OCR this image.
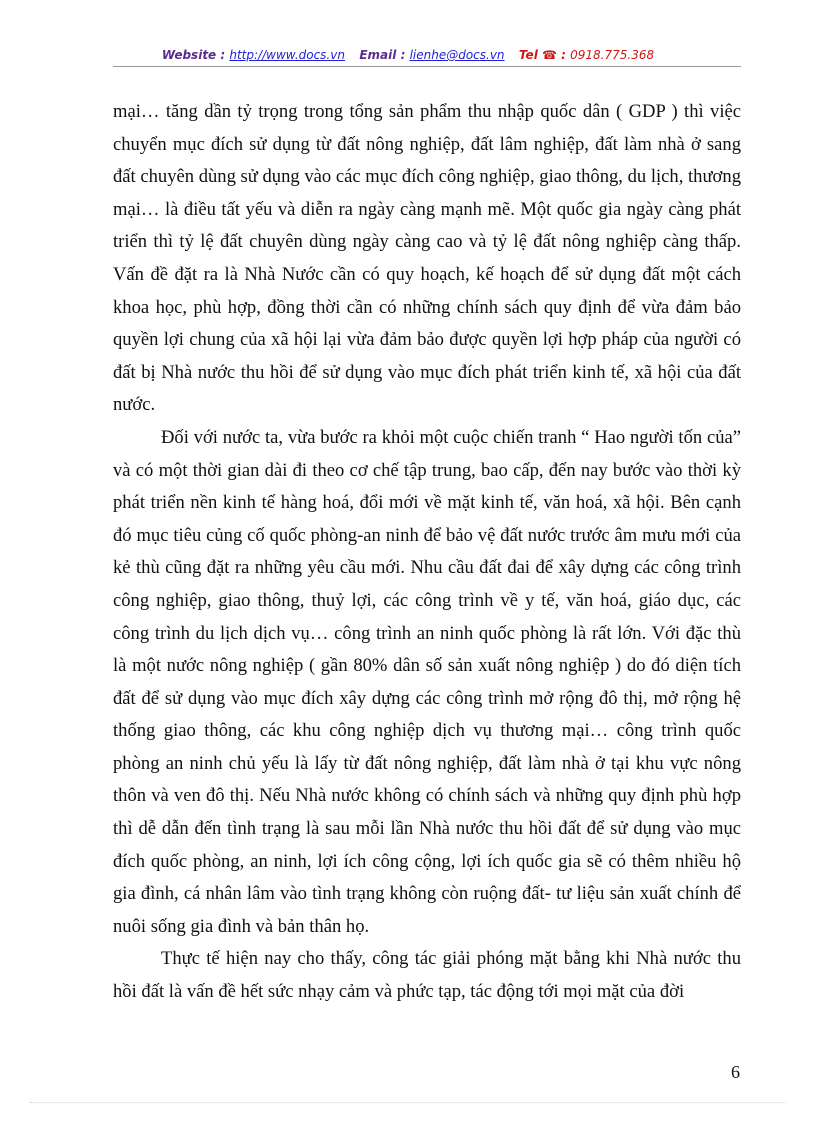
Website : http://www.docs.vn Email : lienhe@docs.vn Tel ☎ : 0918.775.368

mại… tăng dần tỷ trọng trong tổng sản phẩm thu nhập quốc dân ( GDP ) thì việc chuyển mục đích sử dụng từ đất nông nghiệp, đất lâm nghiệp, đất làm nhà ở sang đất chuyên dùng sử dụng vào các mục đích công nghiệp, giao thông, du lịch, thương mại… là điều tất yếu và diễn ra ngày càng mạnh mẽ. Một quốc gia ngày càng phát triển thì tỷ lệ đất chuyên dùng ngày càng cao và tỷ lệ đất nông nghiệp càng thấp. Vấn đề đặt ra là Nhà Nước cần có quy hoạch, kế hoạch để sử dụng đất một cách khoa học, phù hợp, đồng thời cần có những chính sách quy định để vừa đảm bảo quyền lợi chung của xã hội lại vừa đảm bảo được quyền lợi hợp pháp của người có đất bị Nhà nước thu hồi để sử dụng vào mục đích phát triển kinh tế, xã hội của đất nước.

Đối với nước ta, vừa bước ra khỏi một cuộc chiến tranh “ Hao người tốn của” và có một thời gian dài đi theo cơ chế tập trung, bao cấp, đến nay bước vào thời kỳ phát triển nền kinh tế hàng hoá, đổi mới về mặt kinh tế, văn hoá, xã hội. Bên cạnh đó mục tiêu củng cố quốc phòng-an ninh để bảo vệ đất nước trước âm mưu mới của kẻ thù cũng đặt ra những yêu cầu mới. Nhu cầu đất đai để xây dựng các công trình công nghiệp, giao thông, thuỷ lợi, các công trình về y tế, văn hoá, giáo dục, các công trình du lịch dịch vụ… công trình an ninh quốc phòng là rất lớn. Với đặc thù là một nước nông nghiệp ( gần 80% dân số sản xuất nông nghiệp ) do đó diện tích đất để sử dụng vào mục đích xây dựng các công trình mở rộng đô thị, mở rộng hệ thống giao thông, các khu công nghiệp dịch vụ thương mại… công trình quốc phòng an ninh chủ yếu là lấy từ đất nông nghiệp, đất làm nhà ở tại khu vực nông thôn và ven đô thị. Nếu Nhà nước không có chính sách và những quy định phù hợp thì dễ dẫn đến tình trạng là sau mỗi lần Nhà nước thu hồi đất để sử dụng vào mục đích quốc phòng, an ninh, lợi ích công cộng, lợi ích quốc gia sẽ có thêm nhiều hộ gia đình, cá nhân lâm vào tình trạng không còn ruộng đất- tư liệu sản xuất chính để nuôi sống gia đình và bản thân họ.

Thực tế hiện nay cho thấy, công tác giải phóng mặt bằng khi Nhà nước thu hồi đất là vấn đề hết sức nhạy cảm và phức tạp, tác động tới mọi mặt của đời

6
